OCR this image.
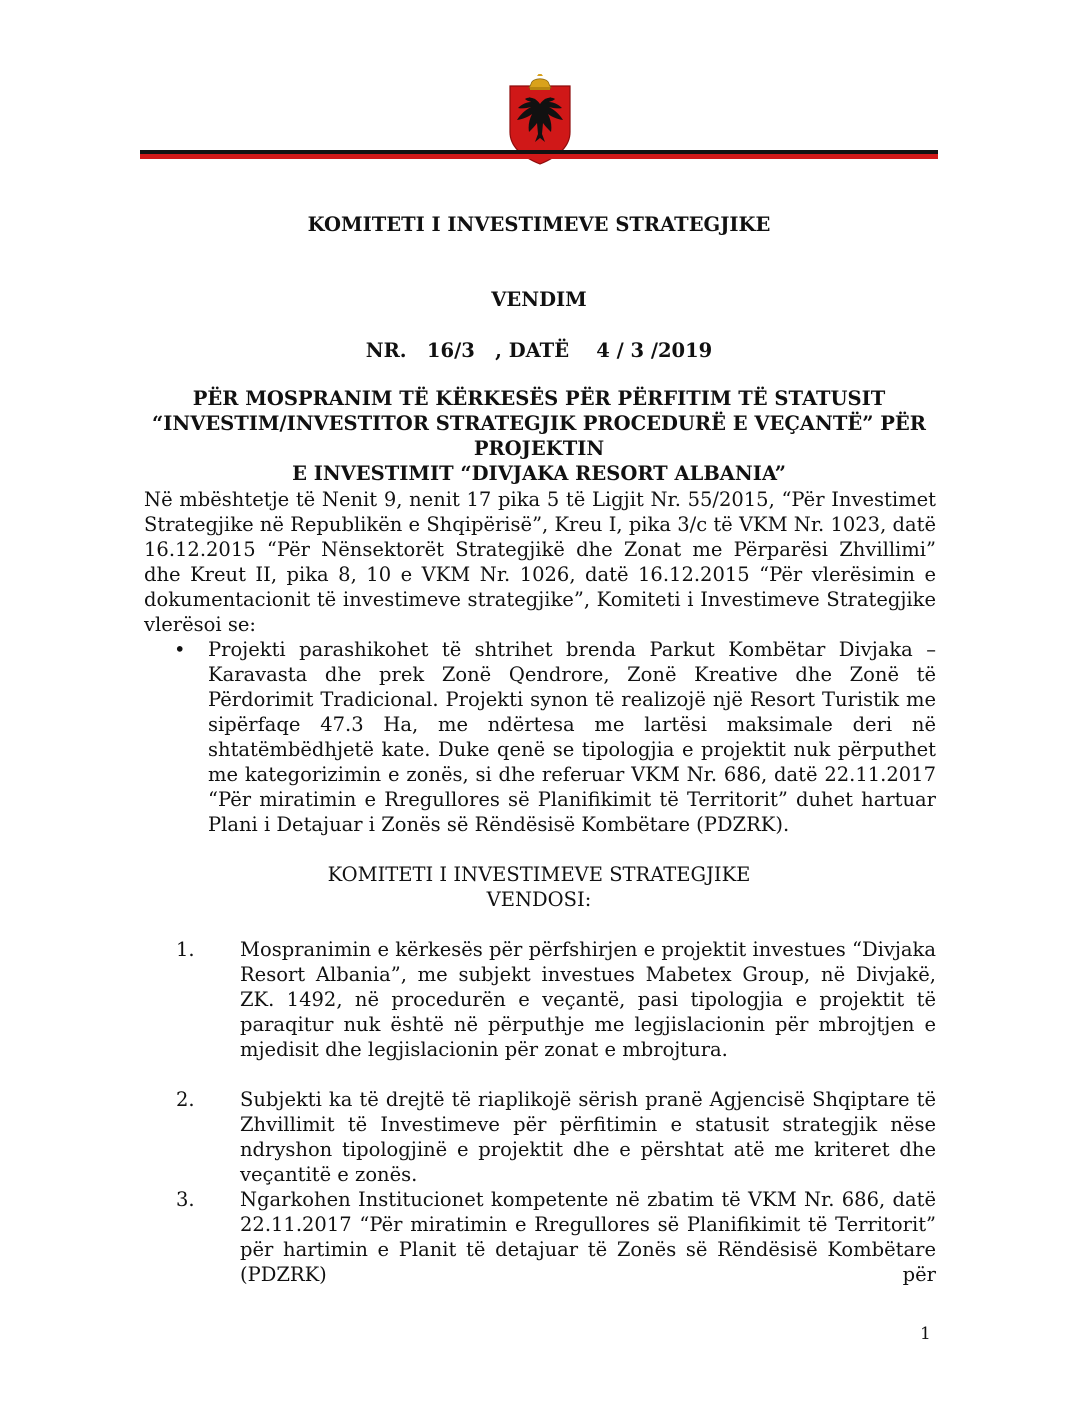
KOMITETI I INVESTIMEVE STRATEGJIKE
VENDIM
NR.   16/3   , DATË    4 / 3 /2019
PËR MOSPRANIM TË KËRKESËS PËR PËRFITIM TË STATUSIT
“INVESTIM/INVESTITOR STRATEGJIK PROCEDURË E VEÇANTË” PËR PROJEKTIN
E INVESTIMIT “DIVJAKA RESORT ALBANIA”
Në mbështetje të Nenit 9, nenit 17 pika 5 të Ligjit Nr. 55/2015, “Për Investimet Strategjike në Republikën e Shqipërisë”, Kreu I, pika 3/c të VKM Nr. 1023, datë 16.12.2015 “Për Nënsektorët Strategjikë dhe Zonat me Përparësi Zhvillimi” dhe Kreut II, pika 8, 10 e VKM Nr. 1026, datë 16.12.2015 “Për vlerësimin e dokumentacionit të investimeve strategjike”, Komiteti i Investimeve Strategjike vlerësoi se:
•	Projekti parashikohet të shtrihet brenda Parkut Kombëtar Divjaka – Karavasta dhe prek Zonë Qendrore, Zonë Kreative dhe Zonë të Përdorimit Tradicional. Projekti synon të realizojë një Resort Turistik me sipërfaqe 47.3 Ha, me ndërtesa me lartësi maksimale deri në shtatëmbëdhjetë kate. Duke qenë se tipologjia e projektit nuk përputhet me kategorizimin e zonës, si dhe referuar VKM Nr. 686, datë 22.11.2017 “Për miratimin e Rregullores së Planifikimit të Territorit” duhet hartuar Plani i Detajuar i Zonës së Rëndësisë Kombëtare (PDZRK).
KOMITETI I INVESTIMEVE STRATEGJIKE
VENDOSI:
1.	Mospranimin e kërkesës për përfshirjen e projektit investues “Divjaka Resort Albania”, me subjekt investues Mabetex Group, në Divjakë, ZK. 1492, në procedurën e veçantë, pasi tipologjia e projektit të paraqitur nuk është në përputhje me legjislacionin për mbrojtjen e mjedisit dhe legjislacionin për zonat e mbrojtura.
2.	Subjekti ka të drejtë të riaplikojë sërish pranë Agjencisë Shqiptare të Zhvillimit të Investimeve për përfitimin e statusit strategjik nëse ndryshon tipologjinë e projektit dhe e përshtat atë me kriteret dhe veçantitë e zonës.
3.	Ngarkohen Institucionet kompetente në zbatim të VKM Nr. 686, datë 22.11.2017 “Për miratimin e Rregullores së Planifikimit të Territorit” për hartimin e Planit të detajuar të Zonës së Rëndësisë Kombëtare (PDZRK) për
1
